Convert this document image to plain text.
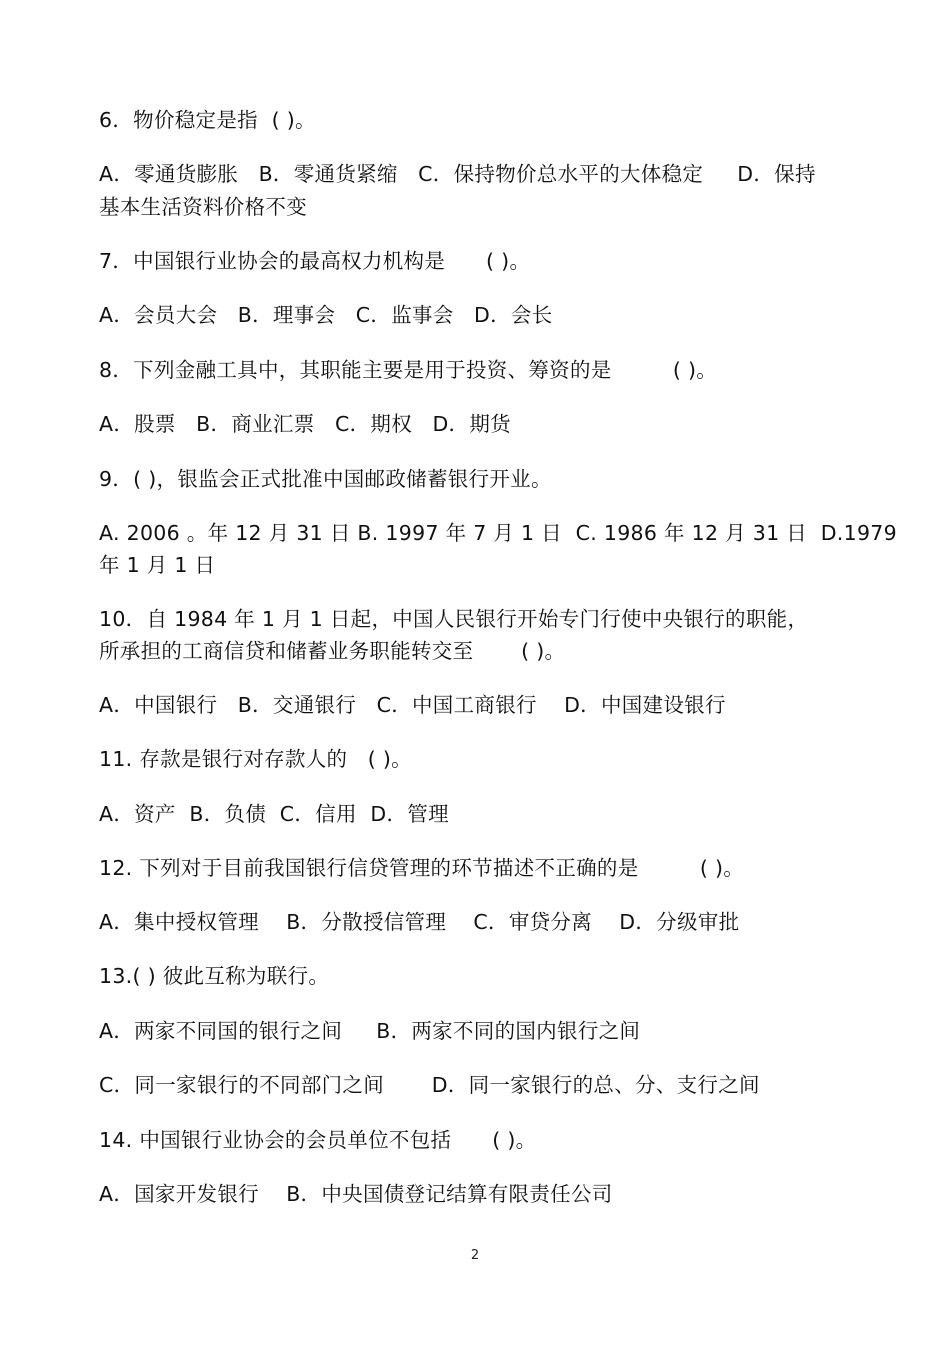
6．物价稳定是指  ( )。
A．零通货膨胀   B．零通货紧缩   C．保持物价总水平的大体稳定     D．保持
基本生活资料价格不变
7．中国银行业协会的最高权力机构是      ( )。
A．会员大会   B．理事会   C．监事会   D．会长
8．下列金融工具中，其职能主要是用于投资、筹资的是         ( )。
A．股票   B．商业汇票   C．期权   D．期货
9．( )，银监会正式批准中国邮政储蓄银行开业。
A. 2006 。年 12 月 31 日 B. 1997 年 7 月 1 日  C. 1986 年 12 月 31 日  D.1979
年 1 月 1 日
10．自 1984 年 1 月 1 日起，中国人民银行开始专门行使中央银行的职能，
所承担的工商信贷和储蓄业务职能转交至       ( )。
A．中国银行   B．交通银行   C．中国工商银行    D．中国建设银行
11. 存款是银行对存款人的   ( )。
A．资产  B．负债  C．信用  D．管理
12. 下列对于目前我国银行信贷管理的环节描述不正确的是         ( )。
A．集中授权管理    B．分散授信管理    C．审贷分离    D．分级审批
13.( ) 彼此互称为联行。
A．两家不同国的银行之间     B．两家不同的国内银行之间
C．同一家银行的不同部门之间       D．同一家银行的总、分、支行之间
14. 中国银行业协会的会员单位不包括      ( )。
A．国家开发银行    B．中央国债登记结算有限责任公司
2
